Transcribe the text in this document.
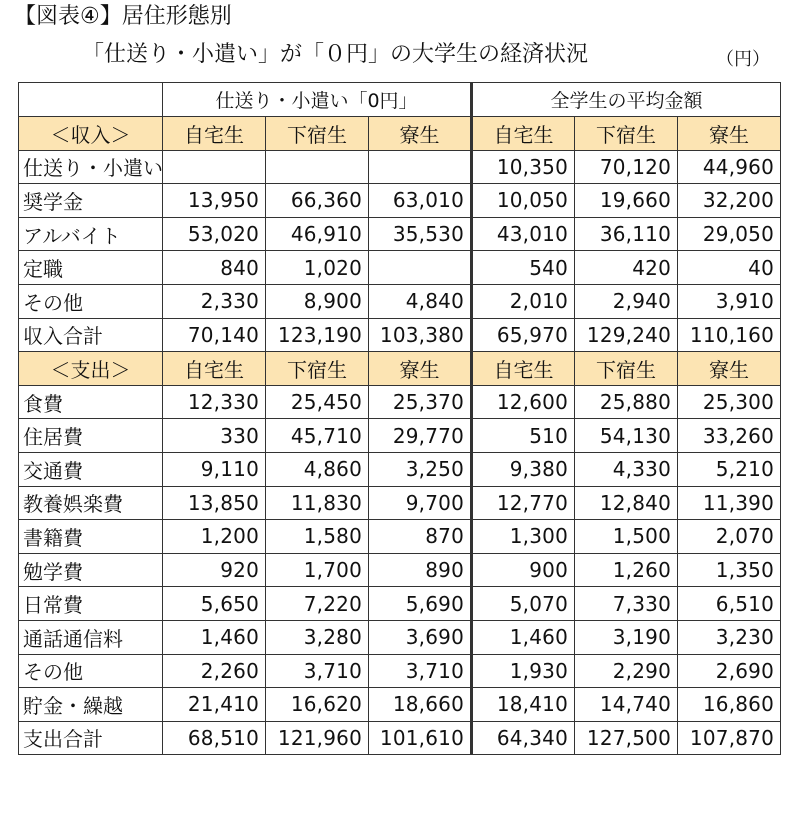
【図表④】居住形態別
「仕送り・小遣い」が「０円」の大学生の経済状況	（円）
	仕送り・小遣い「0円」			全学生の平均金額		
＜収入＞	自宅生	下宿生	寮生	自宅生	下宿生	寮生
仕送り・小遣い				10,350	70,120	44,960
奨学金	13,950	66,360	63,010	10,050	19,660	32,200
アルバイト	53,020	46,910	35,530	43,010	36,110	29,050
定職	840	1,020		540	420	40
その他	2,330	8,900	4,840	2,010	2,940	3,910
収入合計	70,140	123,190	103,380	65,970	129,240	110,160
＜支出＞	自宅生	下宿生	寮生	自宅生	下宿生	寮生
食費	12,330	25,450	25,370	12,600	25,880	25,300
住居費	330	45,710	29,770	510	54,130	33,260
交通費	9,110	4,860	3,250	9,380	4,330	5,210
教養娯楽費	13,850	11,830	9,700	12,770	12,840	11,390
書籍費	1,200	1,580	870	1,300	1,500	2,070
勉学費	920	1,700	890	900	1,260	1,350
日常費	5,650	7,220	5,690	5,070	7,330	6,510
通話通信料	1,460	3,280	3,690	1,460	3,190	3,230
その他	2,260	3,710	3,710	1,930	2,290	2,690
貯金・繰越	21,410	16,620	18,660	18,410	14,740	16,860
支出合計	68,510	121,960	101,610	64,340	127,500	107,870
